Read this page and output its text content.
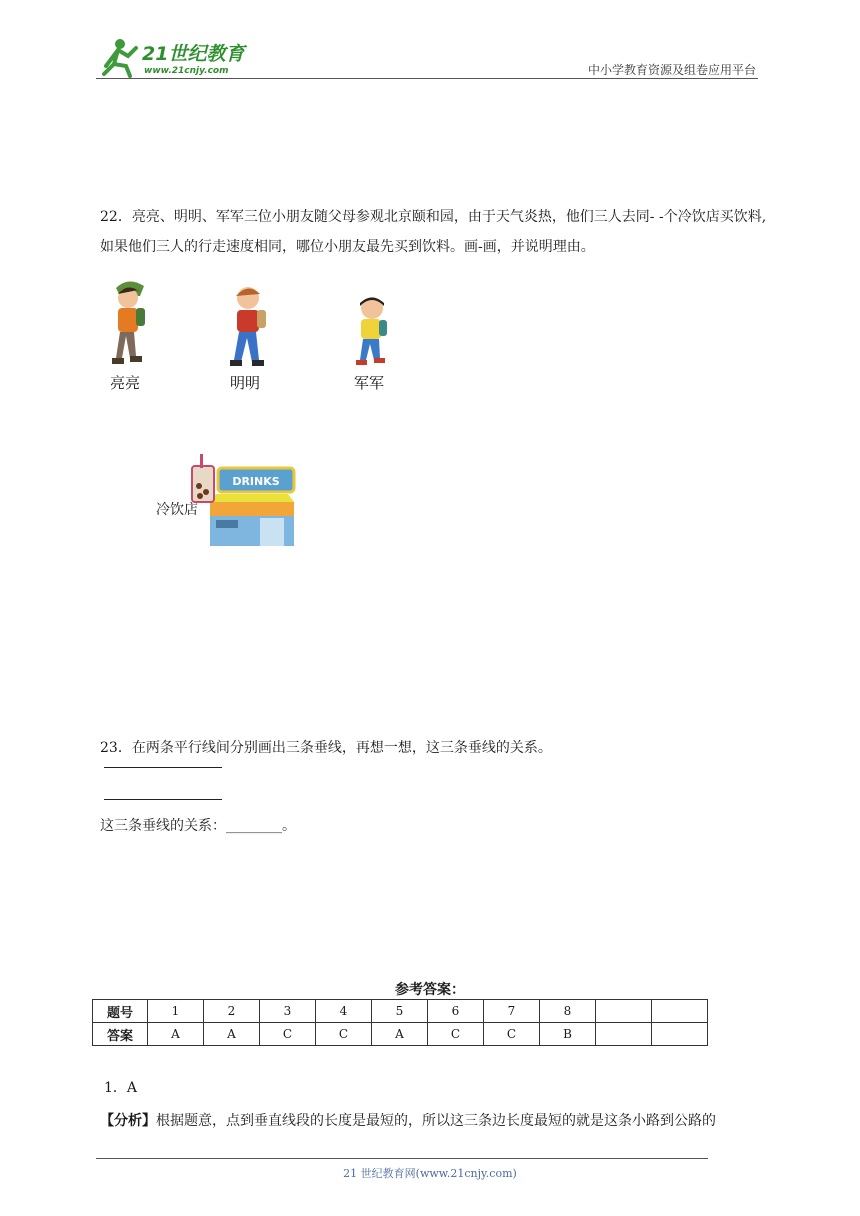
21世纪教育
www.21cnjy.com	中小学教育资源及组卷应用平台
22．亮亮、明明、军军三位小朋友随父母参观北京颐和园，由于天气炎热，他们三人去同- -个冷饮店买饮料,如果他们三人的行走速度相同，哪位小朋友最先买到饮料。画-画，并说明理由。
亮亮	明明	军军
DRINKS
冷饮店
23．在两条平行线间分别画出三条垂线，再想一想，这三条垂线的关系。
这三条垂线的关系：________。
参考答案：
题号	1	2	3	4	5	6	7	8		
答案	A	A	C	C	A	C	C	B		
1．A
【分析】根据题意，点到垂直线段的长度是最短的，所以这三条边长度最短的就是这条小路到公路的
21 世纪教育网(www.21cnjy.com)
